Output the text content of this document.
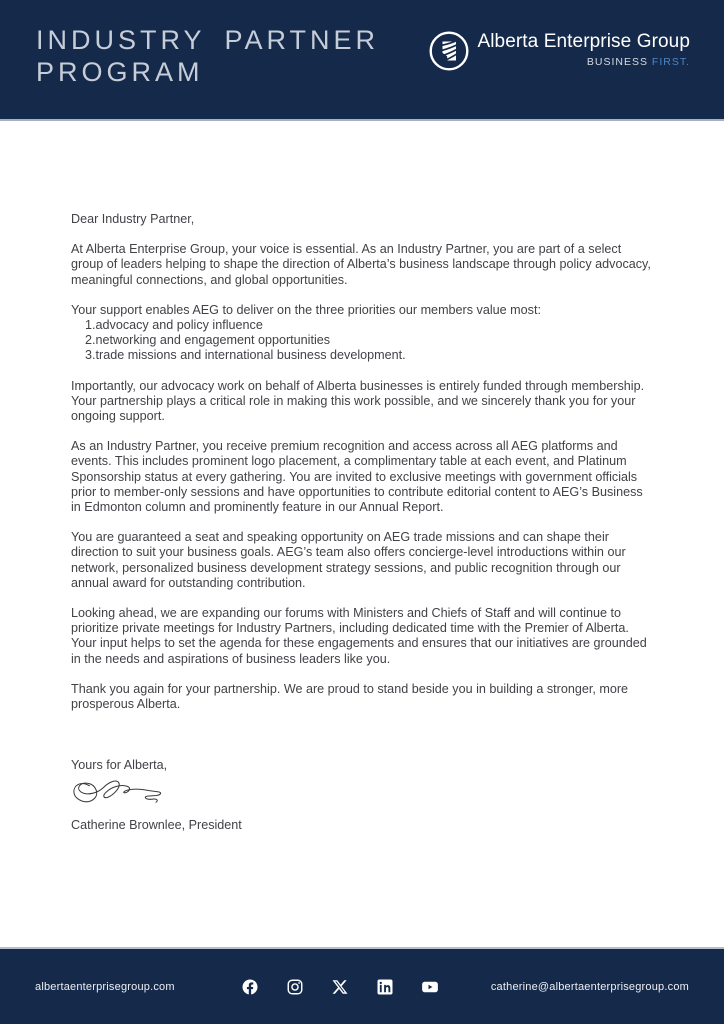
INDUSTRY PARTNER
PROGRAM
Alberta Enterprise Group
BUSINESS FIRST.

Dear Industry Partner,

At Alberta Enterprise Group, your voice is essential. As an Industry Partner, you are part of a select group of leaders helping to shape the direction of Alberta’s business landscape through policy advocacy, meaningful connections, and global opportunities.

Your support enables AEG to deliver on the three priorities our members value most:

1. advocacy and policy influence
2. networking and engagement opportunities
3. trade missions and international business development.

Importantly, our advocacy work on behalf of Alberta businesses is entirely funded through membership. Your partnership plays a critical role in making this work possible, and we sincerely thank you for your ongoing support.

As an Industry Partner, you receive premium recognition and access across all AEG platforms and events. This includes prominent logo placement, a complimentary table at each event, and Platinum Sponsorship status at every gathering. You are invited to exclusive meetings with government officials prior to member-only sessions and have opportunities to contribute editorial content to AEG’s Business in Edmonton column and prominently feature in our Annual Report.

You are guaranteed a seat and speaking opportunity on AEG trade missions and can shape their direction to suit your business goals. AEG’s team also offers concierge-level introductions within our network, personalized business development strategy sessions, and public recognition through our annual award for outstanding contribution.

Looking ahead, we are expanding our forums with Ministers and Chiefs of Staff and will continue to prioritize private meetings for Industry Partners, including dedicated time with the Premier of Alberta. Your input helps to set the agenda for these engagements and ensures that our initiatives are grounded in the needs and aspirations of business leaders like you.

Thank you again for your partnership. We are proud to stand beside you in building a stronger, more prosperous Alberta.

Yours for Alberta,

Catherine Brownlee, President
albertaenterprisegroup.com	catherine@albertaenterprisegroup.com
